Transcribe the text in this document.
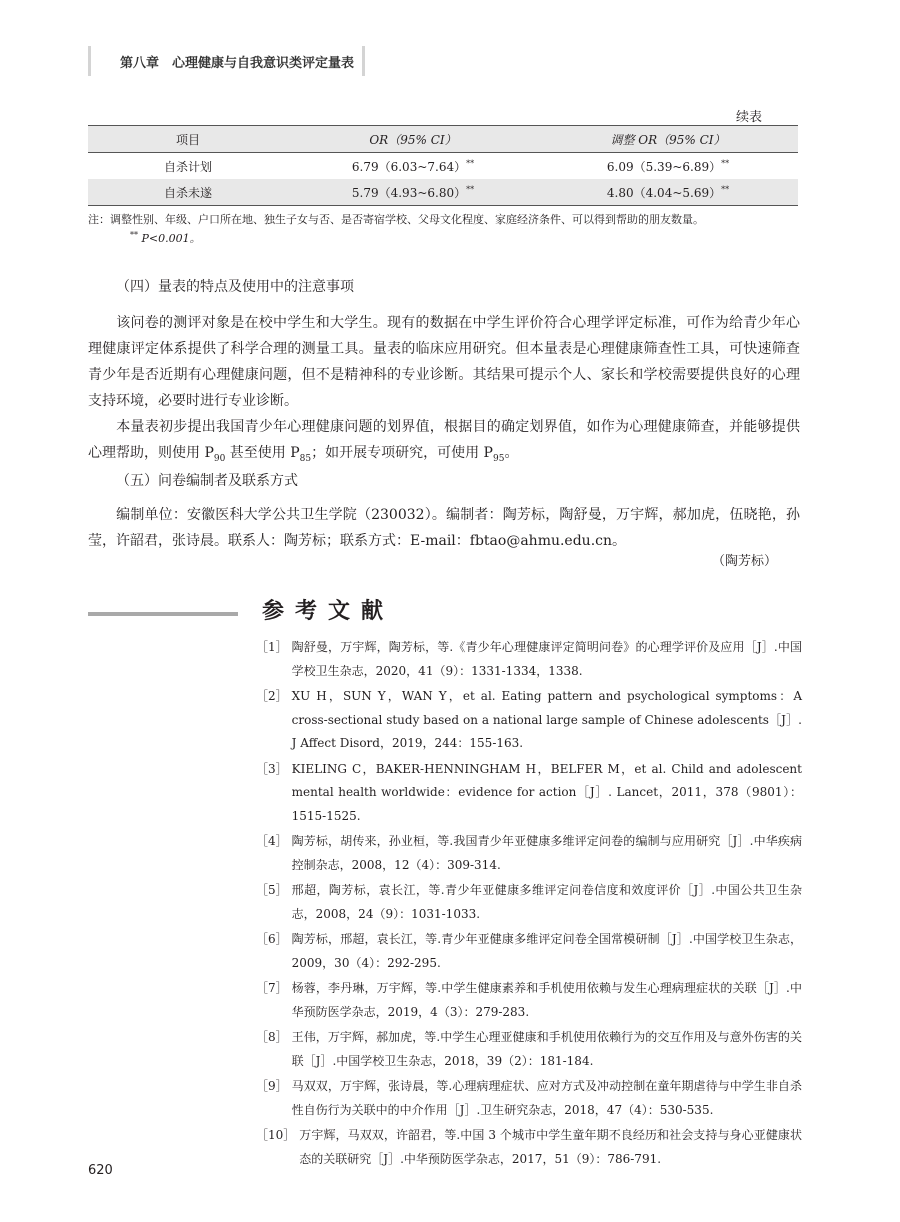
第八章　心理健康与自我意识类评定量表
续表
项目	OR（95% CI）	调整 OR（95% CI）
自杀计划	6.79（6.03~7.64）**	6.09（5.39~6.89）**
自杀未遂	5.79（4.93~6.80）**	4.80（4.04~5.69）**
注：调整性别、年级、户口所在地、独生子女与否、是否寄宿学校、父母文化程度、家庭经济条件、可以得到帮助的朋友数量。
** P<0.001。
（四）量表的特点及使用中的注意事项
该问卷的测评对象是在校中学生和大学生。现有的数据在中学生评价符合心理学评定标准，可作为给青少年心理健康评定体系提供了科学合理的测量工具。量表的临床应用研究。但本量表是心理健康筛查性工具，可快速筛查青少年是否近期有心理健康问题，但不是精神科的专业诊断。其结果可提示个人、家长和学校需要提供良好的心理支持环境，必要时进行专业诊断。
本量表初步提出我国青少年心理健康问题的划界值，根据目的确定划界值，如作为心理健康筛查，并能够提供心理帮助，则使用 $P_{90}$ 甚至使用 $P_{85}$；如开展专项研究，可使用 $P_{95}$。
（五）问卷编制者及联系方式
编制单位：安徽医科大学公共卫生学院（230032）。编制者：陶芳标，陶舒曼，万宇辉，郝加虎，伍晓艳，孙莹，许韶君，张诗晨。联系人：陶芳标；联系方式：E-mail：fbtao@ahmu.edu.cn。
（陶芳标）
参考文献
［1］ 陶舒曼，万宇辉，陶芳标，等.《青少年心理健康评定简明问卷》的心理学评价及应用［J］.中国学校卫生杂志，2020，41（9）：1331-1334，1338.
［2］ XU H，SUN Y，WAN Y，et al. Eating pattern and psychological symptoms：A cross-sectional study based on a national large sample of Chinese adolescents［J］. J Affect Disord，2019，244：155-163.
［3］ KIELING C，BAKER-HENNINGHAM H，BELFER M，et al. Child and adolescent mental health worldwide：evidence for action［J］. Lancet，2011，378（9801）：1515-1525.
［4］ 陶芳标，胡传来，孙业桓，等.我国青少年亚健康多维评定问卷的编制与应用研究［J］.中华疾病控制杂志，2008，12（4）：309-314.
［5］ 邢超，陶芳标，袁长江，等.青少年亚健康多维评定问卷信度和效度评价［J］.中国公共卫生杂志，2008，24（9）：1031-1033.
［6］ 陶芳标，邢超，袁长江，等.青少年亚健康多维评定问卷全国常模研制［J］.中国学校卫生杂志，2009，30（4）：292-295.
［7］ 杨蓉，李丹琳，万宇辉，等.中学生健康素养和手机使用依赖与发生心理病理症状的关联［J］.中华预防医学杂志，2019，4（3）：279-283.
［8］ 王伟，万宇辉，郝加虎，等.中学生心理亚健康和手机使用依赖行为的交互作用及与意外伤害的关联［J］.中国学校卫生杂志，2018，39（2）：181-184.
［9］ 马双双，万宇辉，张诗晨，等.心理病理症状、应对方式及冲动控制在童年期虐待与中学生非自杀性自伤行为关联中的中介作用［J］.卫生研究杂志，2018，47（4）：530-535.
［10］ 万宇辉，马双双，许韶君，等.中国 3 个城市中学生童年期不良经历和社会支持与身心亚健康状态的关联研究［J］.中华预防医学杂志，2017，51（9）：786-791.
620
